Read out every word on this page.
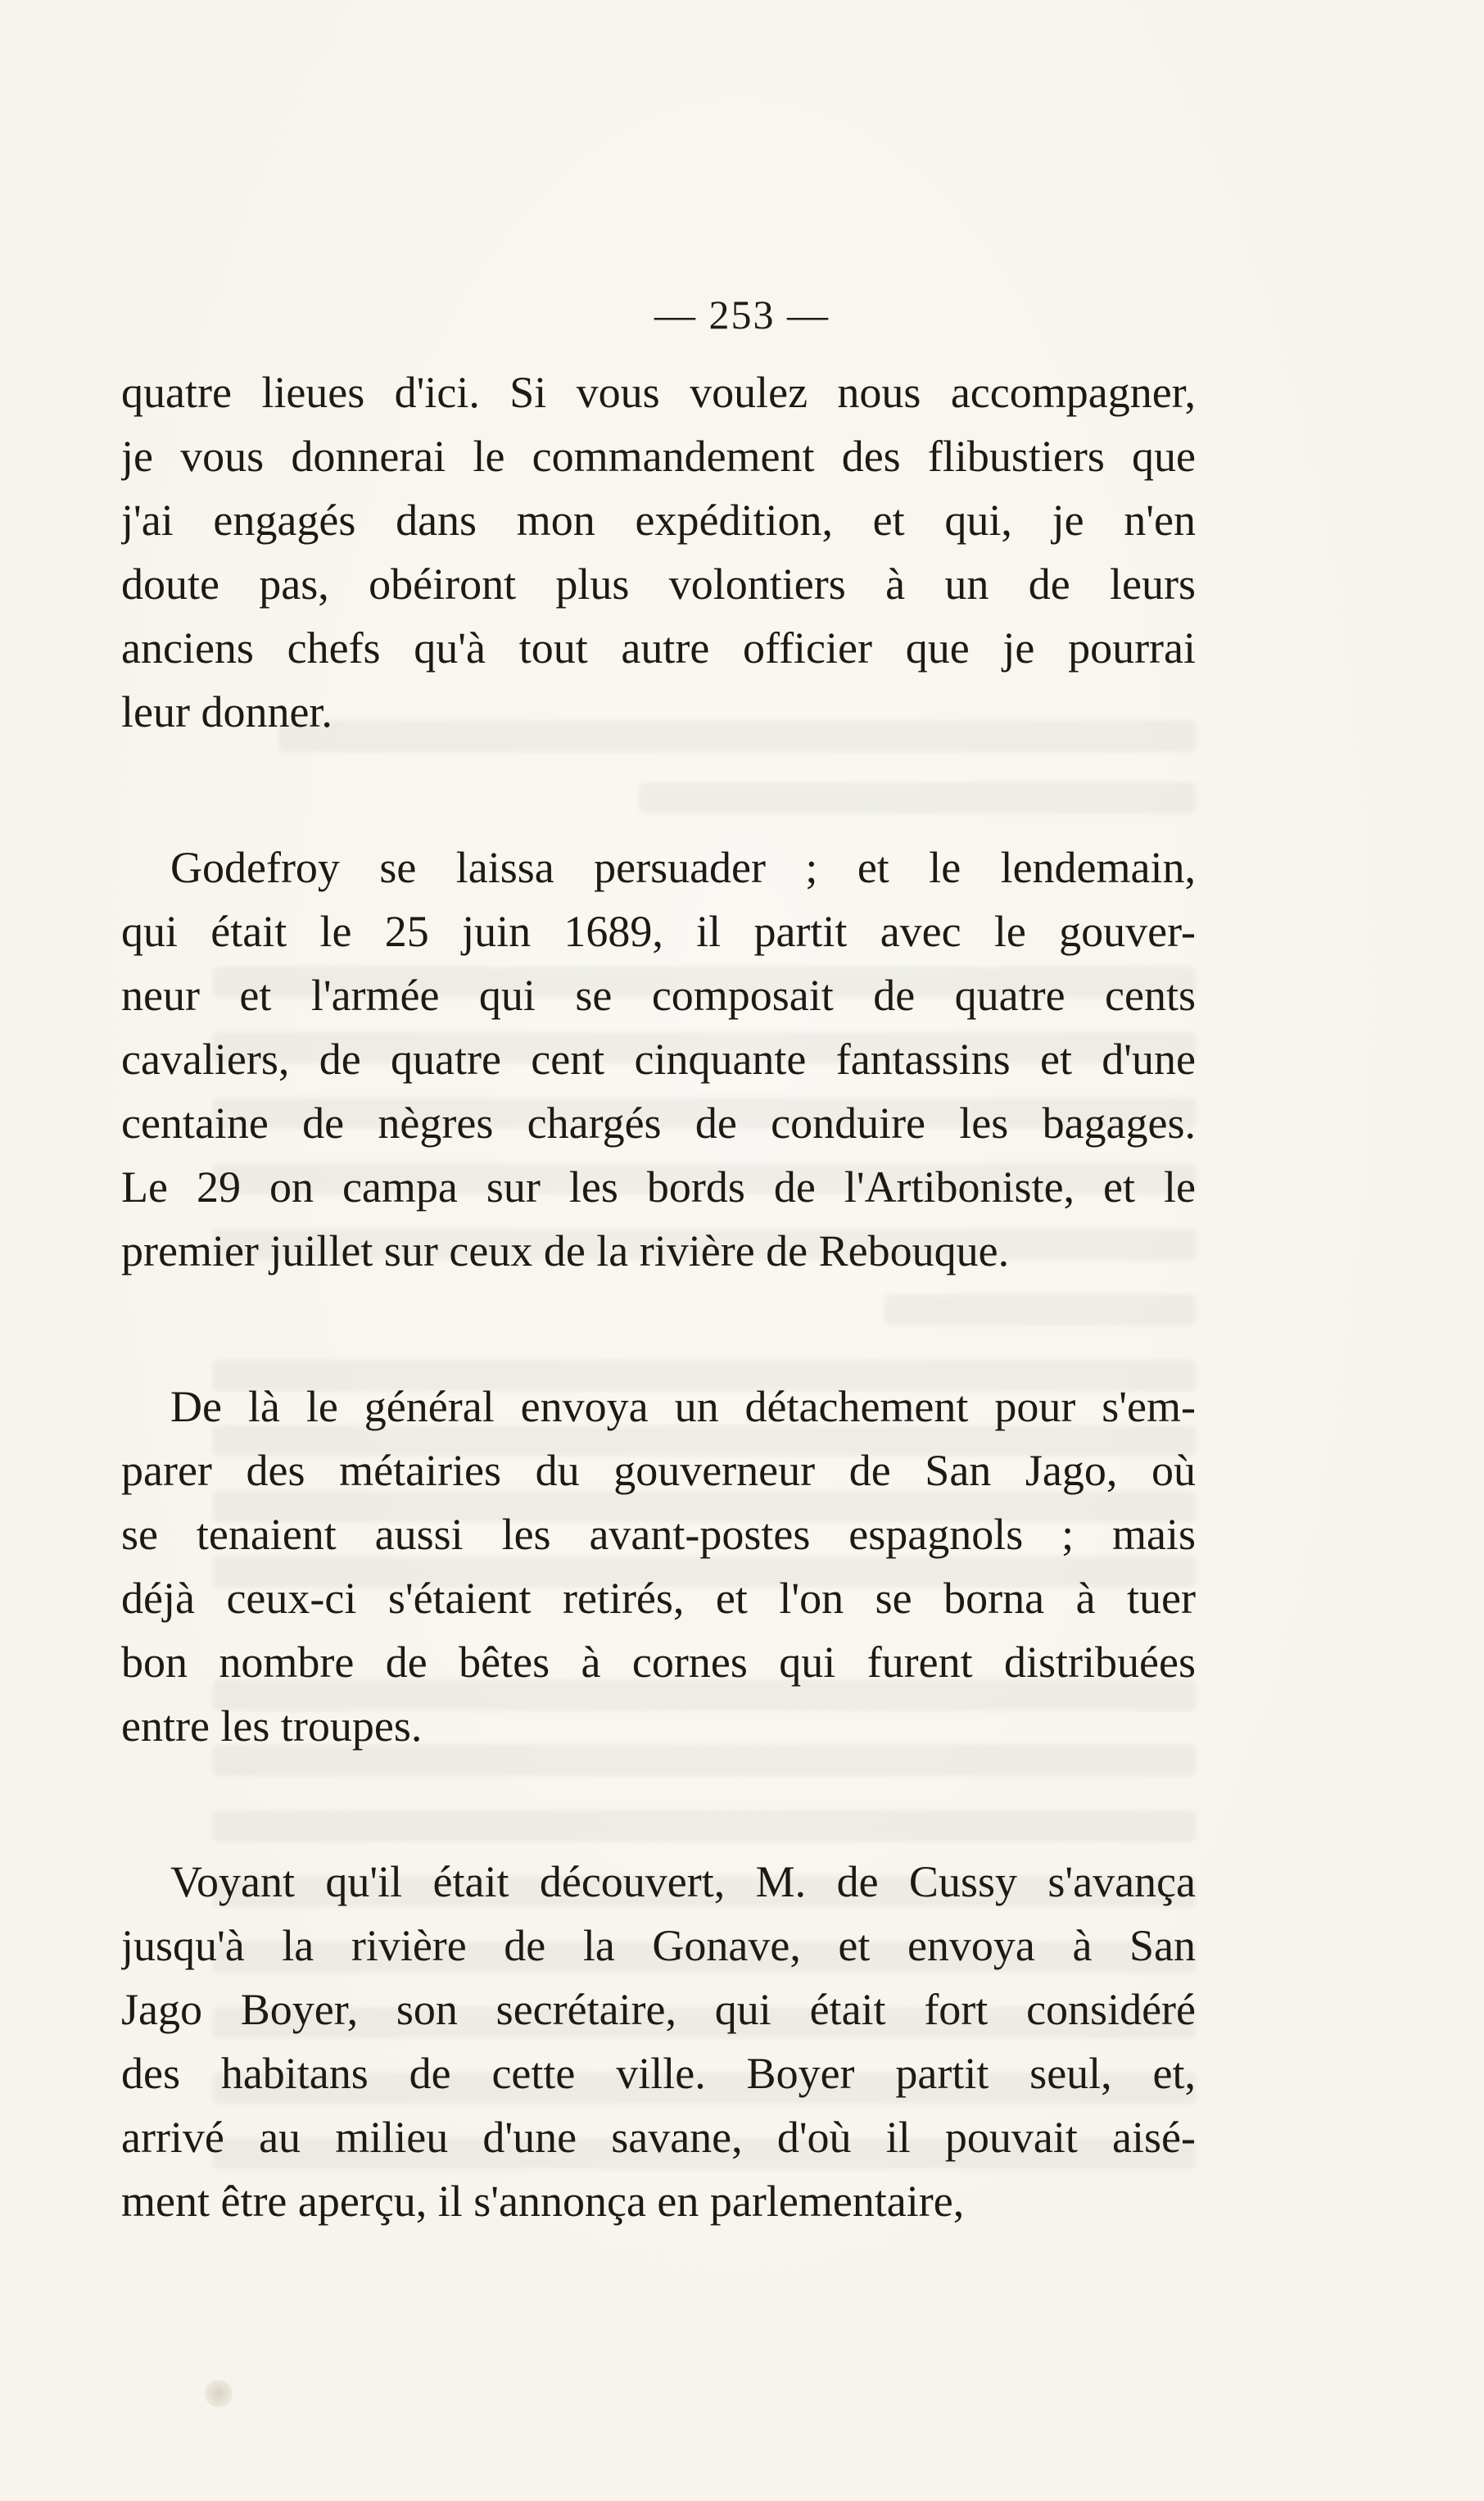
— 253 —
quatre lieues d'ici. Si vous voulez nous accompagner,
je vous donnerai le commandement des flibustiers que
j'ai engagés dans mon expédition, et qui, je n'en
doute pas, obéiront plus volontiers à un de leurs
anciens chefs qu'à tout autre officier que je pourrai
leur donner.
Godefroy se laissa persuader ; et le lendemain,
qui était le 25 juin 1689, il partit avec le gouver-
neur et l'armée qui se composait de quatre cents
cavaliers, de quatre cent cinquante fantassins et d'une
centaine de nègres chargés de conduire les bagages.
Le 29 on campa sur les bords de l'Artiboniste, et le
premier juillet sur ceux de la rivière de Rebouque.
De là le général envoya un détachement pour s'em-
parer des métairies du gouverneur de San Jago, où
se tenaient aussi les avant-postes espagnols ; mais
déjà ceux-ci s'étaient retirés, et l'on se borna à tuer
bon nombre de bêtes à cornes qui furent distribuées
entre les troupes.
Voyant qu'il était découvert, M. de Cussy s'avança
jusqu'à la rivière de la Gonave, et envoya à San
Jago Boyer, son secrétaire, qui était fort considéré
des habitans de cette ville. Boyer partit seul, et,
arrivé au milieu d'une savane, d'où il pouvait aisé-
ment être aperçu, il s'annonça en parlementaire,
